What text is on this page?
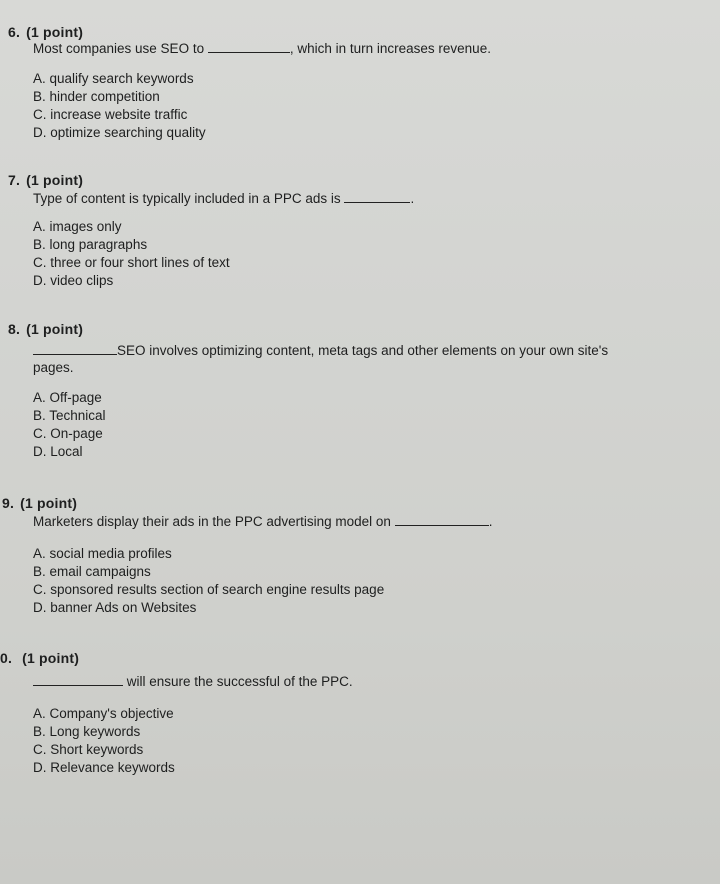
6. (1 point)
Most companies use SEO to	, which in turn increases revenue.
A. qualify search keywords
B. hinder competition
C. increase website traffic
D. optimize searching quality
7. (1 point)
Type of content is typically included in a PPC ads is	.
A. images only
B. long paragraphs
C. three or four short lines of text
D. video clips
8. (1 point)
SEO involves optimizing content, meta tags and other elements on your own site's
pages.
A. Off-page
B. Technical
C. On-page
D. Local
9. (1 point)
Marketers display their ads in the PPC advertising model on	.
A. social media profiles
B. email campaigns
C. sponsored results section of search engine results page
D. banner Ads on Websites
0. (1 point)
will ensure the successful of the PPC.
A. Company's objective
B. Long keywords
C. Short keywords
D. Relevance keywords
